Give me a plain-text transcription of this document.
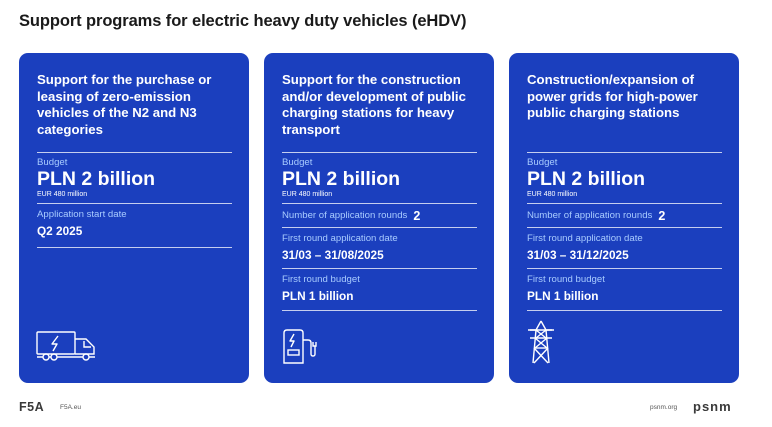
Support programs for electric heavy duty vehicles (eHDV)
Support for the purchase or leasing of zero-emission vehicles of the N2 and N3 categories
Budget
PLN 2 billion
EUR 480 million
Application start date
Q2 2025
Support for the construction and/or development of public charging stations for heavy transport
Budget
PLN 2 billion
EUR 480 million
Number of application rounds 2
First round application date
31/03 – 31/08/2025
First round budget
PLN 1 billion
Construction/expansion of power grids for high-power public charging stations
Budget
PLN 2 billion
EUR 480 million
Number of application rounds 2
First round application date
31/03 – 31/12/2025
First round budget
PLN 1 billion
F5A F5A.eu	psnm.org psnm
